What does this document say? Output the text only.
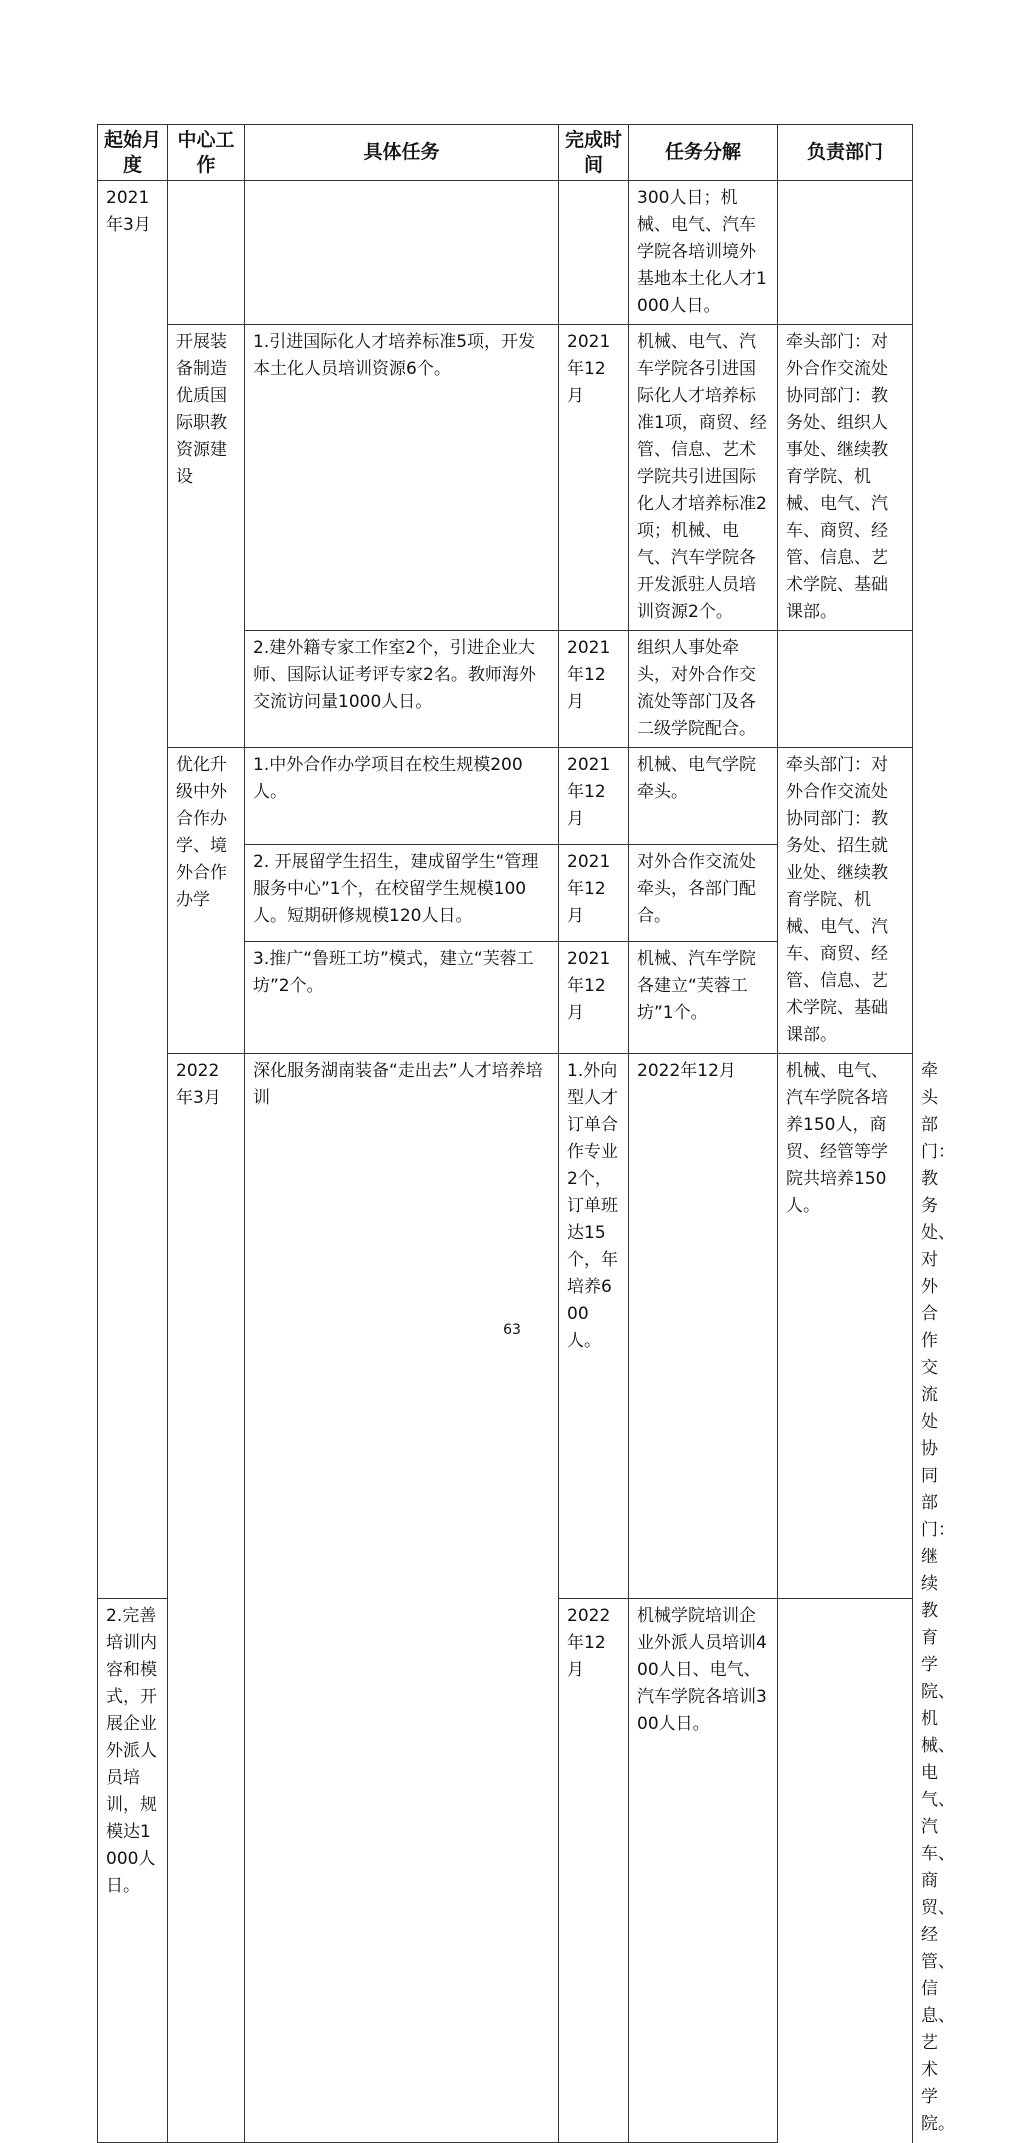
起始月度	中心工作	具体任务	完成时间	任务分解	负责部门	
2021年3月				300人日；机械、电气、汽车学院各培训境外基地本土化人才1000人日。		
	开展装备制造优质国际职教资源建设	1.引进国际化人才培养标准5项，开发本土化人员培训资源6个。	2021年12月	机械、电气、汽车学院各引进国际化人才培养标准1项，商贸、经管、信息、艺术学院共引进国际化人才培养标准2项；机械、电气、汽车学院各开发派驻人员培训资源2个。	牵头部门：对外合作交流处协同部门：教务处、组织人事处、继续教育学院、机械、电气、汽车、商贸、经管、信息、艺术学院、基础课部。	
		2.建外籍专家工作室2个，引进企业大师、国际认证考评专家2名。教师海外交流访问量1000人日。	2021年12月	组织人事处牵头，对外合作交流处等部门及各二级学院配合。		
	优化升级中外合作办学、境外合作办学	1.中外合作办学项目在校生规模200人。	2021年12月	机械、电气学院牵头。	牵头部门：对外合作交流处协同部门：教务处、招生就业处、继续教育学院、机械、电气、汽车、商贸、经管、信息、艺术学院、基础课部。	
		2. 开展留学生招生，建成留学生“管理服务中心”1个，在校留学生规模100人。短期研修规模120人日。	2021年12月	对外合作交流处牵头，各部门配合。		
		3.推广“鲁班工坊”模式，建立“芙蓉工坊”2个。	2021年12月	机械、汽车学院各建立“芙蓉工坊”1个。		
	2022年3月	深化服务湖南装备“走出去”人才培养培训	1.外向型人才订单合作专业2个，订单班达15个，年培养600人。	2022年12月	机械、电气、汽车学院各培养150人，商贸、经管等学院共培养150人。	牵头部门：教务处、对外合作交流处协同部门：继续教育学院、机械、电气、汽车、商贸、经管、信息、艺术学院。
2.完善培训内容和模式，开展企业外派人员培训，规模达1000人日。			2022年12月	机械学院培训企业外派人员培训400人日、电气、汽车学院各培训300人日。		
63
